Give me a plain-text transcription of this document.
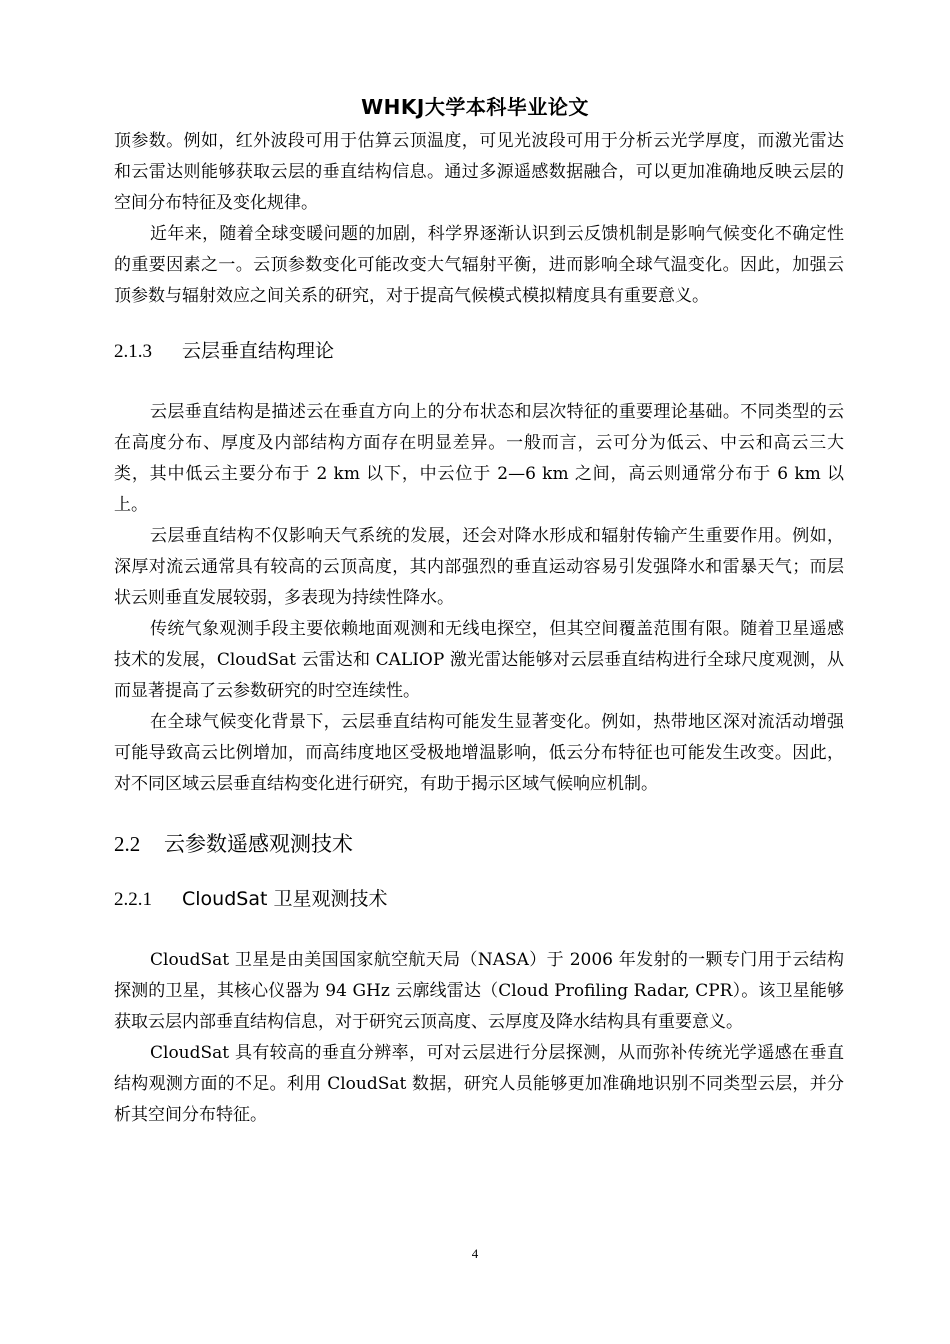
WHKJ大学本科毕业论文

顶参数。例如，红外波段可用于估算云顶温度，可见光波段可用于分析云光学厚度，而激光雷达和云雷达则能够获取云层的垂直结构信息。通过多源遥感数据融合，可以更加准确地反映云层的空间分布特征及变化规律。

近年来，随着全球变暖问题的加剧，科学界逐渐认识到云反馈机制是影响气候变化不确定性的重要因素之一。云顶参数变化可能改变大气辐射平衡，进而影响全球气温变化。因此，加强云顶参数与辐射效应之间关系的研究，对于提高气候模式模拟精度具有重要意义。

2.1.3	云层垂直结构理论

云层垂直结构是描述云在垂直方向上的分布状态和层次特征的重要理论基础。不同类型的云在高度分布、厚度及内部结构方面存在明显差异。一般而言，云可分为低云、中云和高云三大类，其中低云主要分布于 2 km 以下，中云位于 2—6 km 之间，高云则通常分布于 6 km 以上。

云层垂直结构不仅影响天气系统的发展，还会对降水形成和辐射传输产生重要作用。例如，深厚对流云通常具有较高的云顶高度，其内部强烈的垂直运动容易引发强降水和雷暴天气；而层状云则垂直发展较弱，多表现为持续性降水。

传统气象观测手段主要依赖地面观测和无线电探空，但其空间覆盖范围有限。随着卫星遥感技术的发展，CloudSat 云雷达和 CALIOP 激光雷达能够对云层垂直结构进行全球尺度观测，从而显著提高了云参数研究的时空连续性。

在全球气候变化背景下，云层垂直结构可能发生显著变化。例如，热带地区深对流活动增强可能导致高云比例增加，而高纬度地区受极地增温影响，低云分布特征也可能发生改变。因此，对不同区域云层垂直结构变化进行研究，有助于揭示区域气候响应机制。

2.2	云参数遥感观测技术
2.2.1	CloudSat 卫星观测技术

CloudSat 卫星是由美国国家航空航天局（NASA）于 2006 年发射的一颗专门用于云结构探测的卫星，其核心仪器为 94 GHz 云廓线雷达（Cloud Profiling Radar, CPR）。该卫星能够获取云层内部垂直结构信息，对于研究云顶高度、云厚度及降水结构具有重要意义。

CloudSat 具有较高的垂直分辨率，可对云层进行分层探测，从而弥补传统光学遥感在垂直结构观测方面的不足。利用 CloudSat 数据，研究人员能够更加准确地识别不同类型云层，并分析其空间分布特征。

4
